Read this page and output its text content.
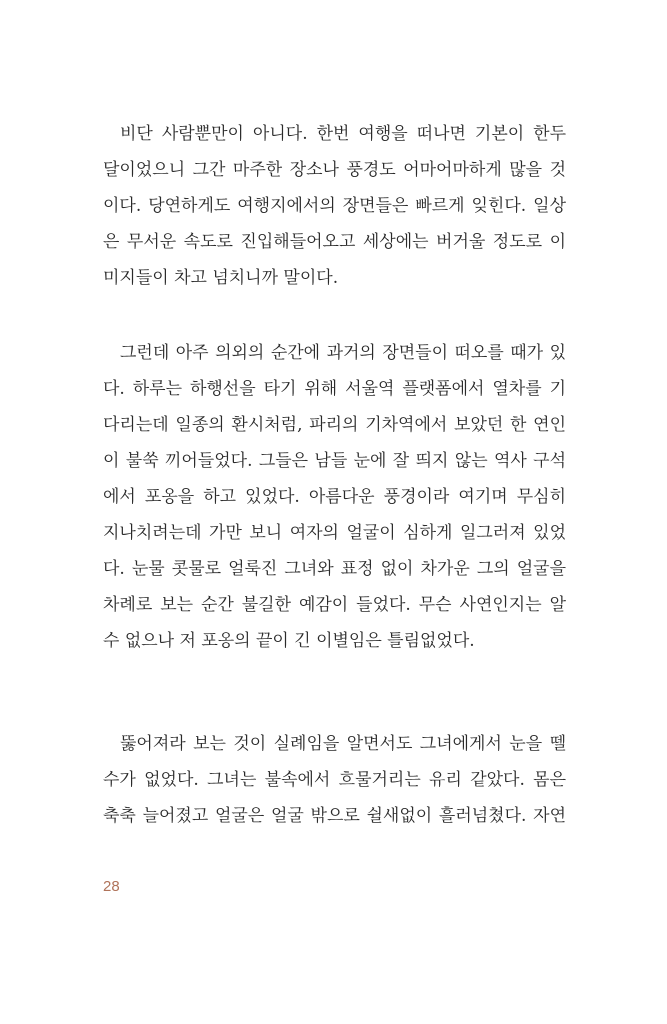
비단 사람뿐만이 아니다. 한번 여행을 떠나면 기본이 한두
달이었으니 그간 마주한 장소나 풍경도 어마어마하게 많을 것
이다. 당연하게도 여행지에서의 장면들은 빠르게 잊힌다. 일상
은 무서운 속도로 진입해들어오고 세상에는 버거울 정도로 이
미지들이 차고 넘치니까 말이다.
그런데 아주 의외의 순간에 과거의 장면들이 떠오를 때가 있
다. 하루는 하행선을 타기 위해 서울역 플랫폼에서 열차를 기
다리는데 일종의 환시처럼, 파리의 기차역에서 보았던 한 연인
이 불쑥 끼어들었다. 그들은 남들 눈에 잘 띄지 않는 역사 구석
에서 포옹을 하고 있었다. 아름다운 풍경이라 여기며 무심히
지나치려는데 가만 보니 여자의 얼굴이 심하게 일그러져 있었
다. 눈물 콧물로 얼룩진 그녀와 표정 없이 차가운 그의 얼굴을
차례로 보는 순간 불길한 예감이 들었다. 무슨 사연인지는 알
수 없으나 저 포옹의 끝이 긴 이별임은 틀림없었다.
뚫어져라 보는 것이 실례임을 알면서도 그녀에게서 눈을 뗄
수가 없었다. 그녀는 불속에서 흐물거리는 유리 같았다. 몸은
축축 늘어졌고 얼굴은 얼굴 밖으로 쉴새없이 흘러넘쳤다. 자연
28
